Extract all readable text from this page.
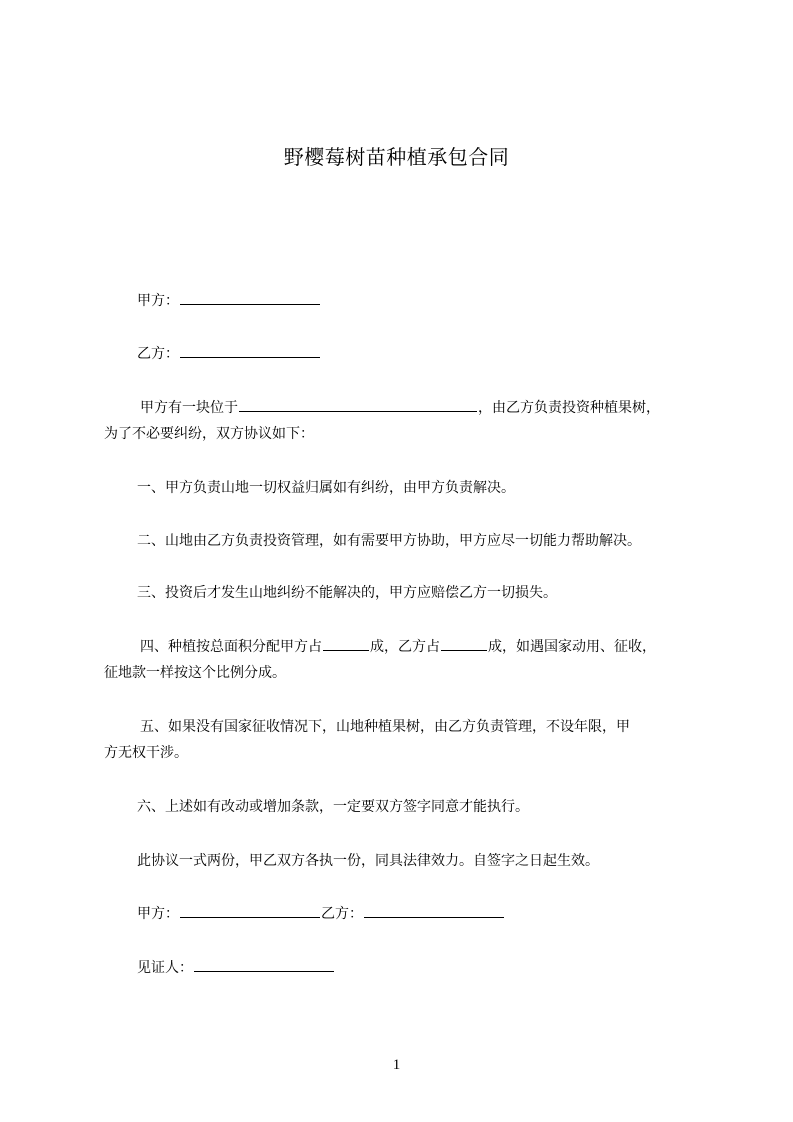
野樱莓树苗种植承包合同
甲方：
乙方：
甲方有一块位于	，由乙方负责投资种植果树，
为了不必要纠纷，双方协议如下：
一、甲方负责山地一切权益归属如有纠纷，由甲方负责解决。
二、山地由乙方负责投资管理，如有需要甲方协助，甲方应尽一切能力帮助解决。
三、投资后才发生山地纠纷不能解决的，甲方应赔偿乙方一切损失。
四、种植按总面积分配甲方占	成，乙方占	成，如遇国家动用、征收，
征地款一样按这个比例分成。
五、如果没有国家征收情况下，山地种植果树，由乙方负责管理，不设年限，甲
方无权干涉。
六、上述如有改动或增加条款，一定要双方签字同意才能执行。
此协议一式两份，甲乙双方各执一份，同具法律效力。自签字之日起生效。
甲方：	乙方：
见证人：
1
